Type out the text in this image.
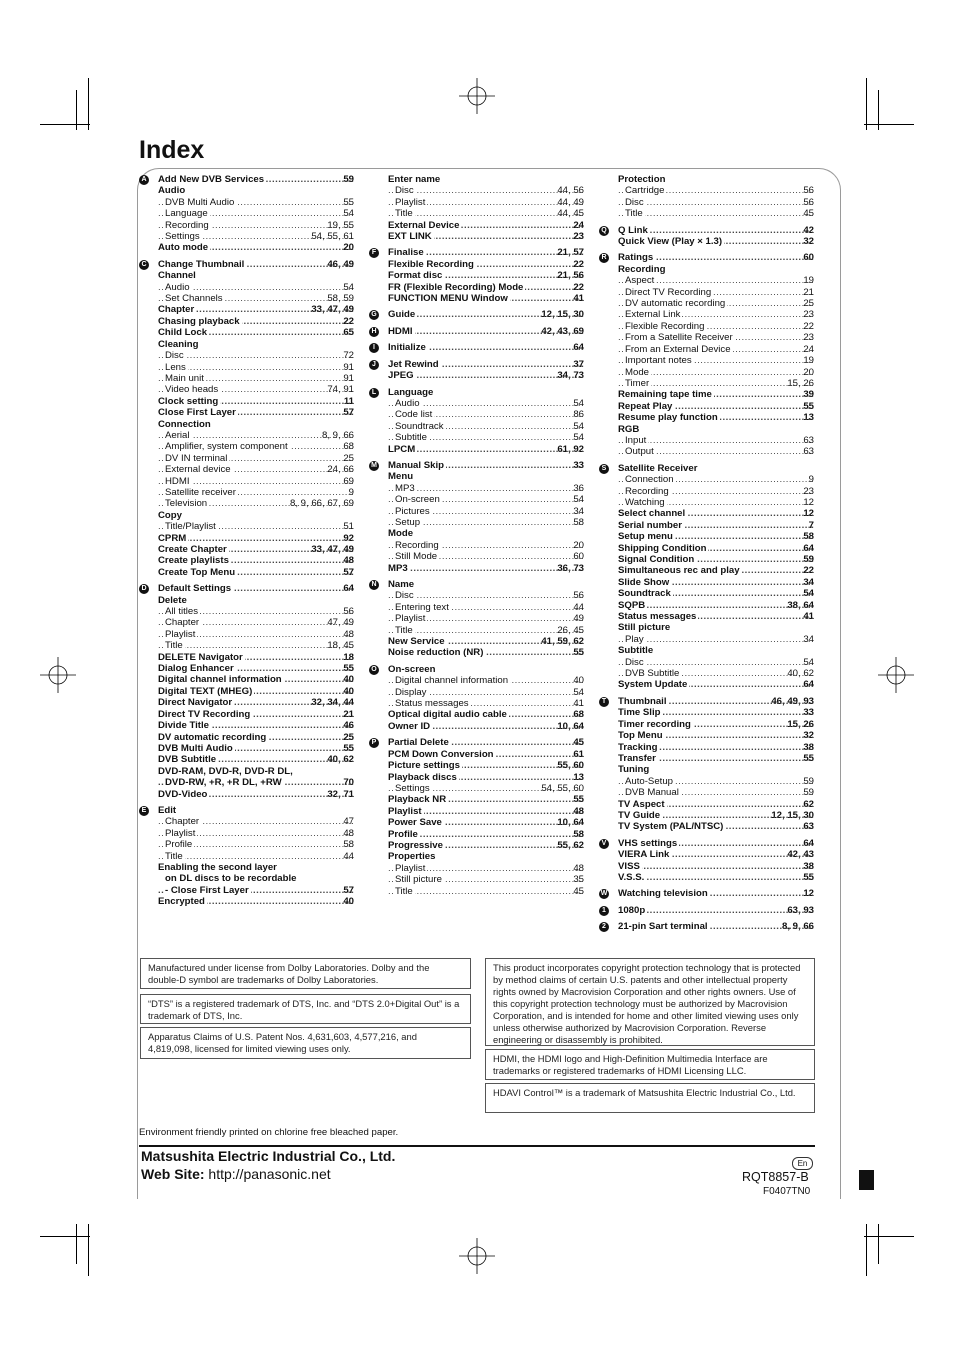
Index
A Add New DVB Services	59
.....
Audio
DVB Multi Audio	55
.....
Language	54
.....
Recording	19, 55
.....
Settings	54, 55, 61
.....
Auto mode	20
.....
C Change Thumbnail	46, 49
.....
Channel
Audio	54
.....
Set Channels	58, 59
.....
Chapter	33, 47, 49
.....
Chasing playback	22
.....
Child Lock	65
.....
Cleaning
Disc	72
.....
Lens	91
.....
Main unit	91
.....
Video heads	74, 91
.....
Clock setting	11
.....
Close First Layer	57
.....
Connection
Aerial	8, 9, 66
.....
Amplifier, system component	68
.....
DV IN terminal	25
.....
External device	24, 66
.....
HDMI	69
.....
Satellite receiver	9
.....
Television	8, 9, 66, 67, 69
.....
Copy
Title/Playlist	51
.....
CPRM	92
.....
Create Chapter	33, 47, 49
.....
Create playlists	48
.....
Create Top Menu	57
.....
D Default Settings	64
.....
Delete
All titles	56
.....
Chapter	47, 49
.....
Playlist	48
.....
Title	18, 45
.....
DELETE Navigator	18
.....
Dialog Enhancer	55
.....
Digital channel information	40
.....
Digital TEXT (MHEG)	40
.....
Direct Navigator	32, 34, 44
.....
Direct TV Recording	21
.....
Divide Title	46
.....
DV automatic recording	25
.....
DVB Multi Audio	55
.....
DVB Subtitle	40, 62
.....
DVD-RAM, DVD-R, DVD-R DL,
DVD-RW, +R, +R DL, +RW	70
.....
DVD-Video	32, 71
.....
E Edit
Chapter	47
.....
Playlist	48
.....
Profile	58
.....
Title	44
.....
Enabling the second layer
on DL discs to be recordable
- Close First Layer	57
.....
Encrypted	40
.....
Enter name
Disc	44, 56
.....
Playlist	44, 49
.....
Title	44, 45
.....
External Device	24
.....
EXT LINK	23
.....
F Finalise	21, 57
.....
Flexible Recording	22
.....
Format disc	21, 56
.....
FR (Flexible Recording) Mode	22
.....
FUNCTION MENU Window	41
.....
G Guide	12, 15, 30
.....
H HDMI	42, 43, 69
.....
I	Initialize	64
.....
J	Jet Rewind	37
.....
JPEG	34, 73
.....
L Language
Audio	54
.....
Code list	86
.....
Soundtrack	54
.....
Subtitle	54
.....
LPCM	61, 92
.....
M Manual Skip	33
.....
Menu
MP3	36
.....
On-screen	54
.....
Pictures	34
.....
Setup	58
.....
Mode
Recording	20
.....
Still Mode	60
.....
MP3	36, 73
.....
N Name
Disc	56
.....
Entering text	44
.....
Playlist	49
.....
Title	26, 45
.....
New Service	41, 59, 62
.....
Noise reduction (NR)	55
.....
O On-screen
Digital channel information	40
.....
Display	54
.....
Status messages	41
.....
Optical digital audio cable	68
.....
Owner ID	10, 64
.....
P Partial Delete	45
.....
PCM Down Conversion	61
.....
Picture settings	55, 60
.....
Playback discs	13
.....
Settings	54, 55, 60
.....
Playback NR	55
.....
Playlist	48
.....
Power Save	10, 64
.....
Profile	58
.....
Progressive	55, 62
.....
Properties
Playlist	48
.....
Still picture	35
.....
Title	45
.....
Protection
Cartridge	56
.....
Disc	56
.....
Title	45
.....
Q Q Link	42
.....
Quick View (Play × 1.3)	32
.....
R Ratings	60
.....
Recording
Aspect	19
.....
Direct TV Recording	21
.....
DV automatic recording	25
.....
External Link	23
.....
Flexible Recording	22
.....
From a Satellite Receiver	23
.....
From an External Device	24
.....
Important notes	19
.....
Mode	20
.....
Timer	15, 26
.....
Remaining tape time	39
.....
Repeat Play	55
.....
Resume play function	13
.....
RGB
Input	63
.....
Output	63
.....
S Satellite Receiver
Connection	9
.....
Recording	23
.....
Watching	12
.....
Select channel	12
.....
Serial number	7
.....
Setup menu	58
.....
Shipping Condition	64
.....
Signal Condition	59
.....
Simultaneous rec and play	22
.....
Slide Show	34
.....
Soundtrack	54
.....
SQPB	38, 64
.....
Status messages	41
.....
Still picture
Play	34
.....
Subtitle
Disc	54
.....
DVB Subtitle	40, 62
.....
System Update	64
.....
T Thumbnail	46, 49, 93
.....
Time Slip	33
.....
Timer recording	15, 26
.....
Top Menu	32
.....
Tracking	38
.....
Transfer	55
.....
Tuning
Auto-Setup	59
.....
DVB Manual	59
.....
TV Aspect	62
.....
TV Guide	12, 15, 30
.....
TV System (PAL/NTSC)	63
.....
V VHS settings	64
.....
VIERA Link	42, 43
.....
VISS	38
.....
V.S.S.	55
.....
W Watching television	12
.....
1	1080p	63, 93
.....
2	21-pin Sart terminal	8, 9, 66
.....
Manufactured under license from Dolby Laboratories. Dolby and the double-D symbol are trademarks of Dolby Laboratories.
“DTS” is a registered trademark of DTS, Inc. and “DTS 2.0+Digital Out” is a trademark of DTS, Inc.
Apparatus Claims of U.S. Patent Nos. 4,631,603, 4,577,216, and 4,819,098, licensed for limited viewing uses only.
This product incorporates copyright protection technology that is protected by method claims of certain U.S. patents and other intellectual property rights owned by Macrovision Corporation and other rights owners. Use of this copyright protection technology must be authorized by Macrovision Corporation, and is intended for home and other limited viewing uses only unless otherwise authorized by Macrovision Corporation. Reverse engineering or disassembly is prohibited.
HDMI, the HDMI logo and High-Definition Multimedia Interface are trademarks or registered trademarks of HDMI Licensing LLC.
HDAVI Control™ is a trademark of Matsushita Electric Industrial Co., Ltd.
Environment friendly printed on chlorine free bleached paper.
Matsushita Electric Industrial Co., Ltd.
Web Site: http://panasonic.net
En
RQT8857-B
F0407TN0
